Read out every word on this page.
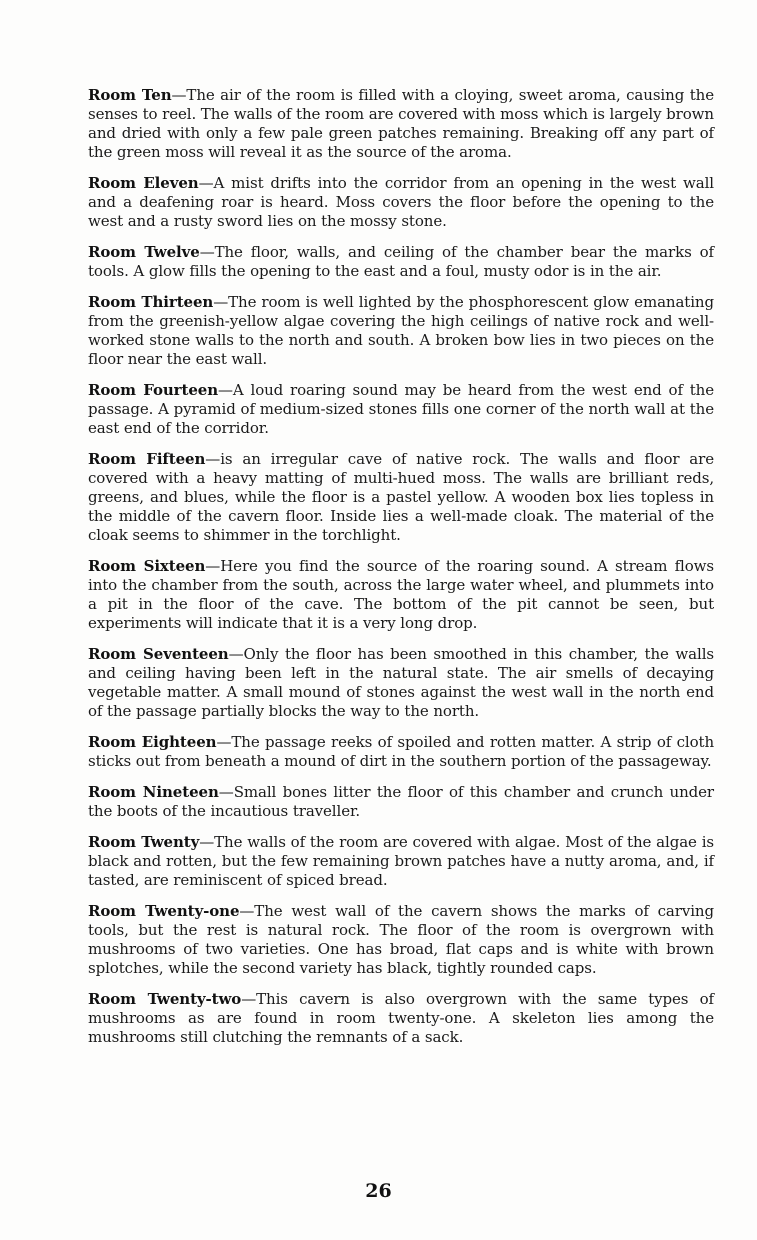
Room Ten—The air of the room is filled with a cloying, sweet aroma, causing the senses to reel. The walls of the room are covered with moss which is largely brown and dried with only a few pale green patches remaining. Breaking off any part of the green moss will reveal it as the source of the aroma.

Room Eleven—A mist drifts into the corridor from an opening in the west wall and a deafening roar is heard. Moss covers the floor before the opening to the west and a rusty sword lies on the mossy stone.

Room Twelve—The floor, walls, and ceiling of the chamber bear the marks of tools. A glow fills the opening to the east and a foul, musty odor is in the air.

Room Thirteen—The room is well lighted by the phosphorescent glow emanating from the greenish-yellow algae covering the high ceilings of native rock and well-worked stone walls to the north and south. A broken bow lies in two pieces on the floor near the east wall.

Room Fourteen—A loud roaring sound may be heard from the west end of the passage. A pyramid of medium-sized stones fills one corner of the north wall at the east end of the corridor.

Room Fifteen—is an irregular cave of native rock. The walls and floor are covered with a heavy matting of multi-hued moss. The walls are brilliant reds, greens, and blues, while the floor is a pastel yellow. A wooden box lies topless in the middle of the cavern floor. Inside lies a well-made cloak. The material of the cloak seems to shimmer in the torchlight.

Room Sixteen—Here you find the source of the roaring sound. A stream flows into the chamber from the south, across the large water wheel, and plummets into a pit in the floor of the cave. The bottom of the pit cannot be seen, but experiments will indicate that it is a very long drop.

Room Seventeen—Only the floor has been smoothed in this chamber, the walls and ceiling having been left in the natural state. The air smells of decaying vegetable matter. A small mound of stones against the west wall in the north end of the passage partially blocks the way to the north.

Room Eighteen—The passage reeks of spoiled and rotten matter. A strip of cloth sticks out from beneath a mound of dirt in the southern portion of the passageway.

Room Nineteen—Small bones litter the floor of this chamber and crunch under the boots of the incautious traveller.

Room Twenty—The walls of the room are covered with algae. Most of the algae is black and rotten, but the few remaining brown patches have a nutty aroma, and, if tasted, are reminiscent of spiced bread.

Room Twenty-one—The west wall of the cavern shows the marks of carving tools, but the rest is natural rock. The floor of the room is overgrown with mushrooms of two varieties. One has broad, flat caps and is white with brown splotches, while the second variety has black, tightly rounded caps.

Room Twenty-two—This cavern is also overgrown with the same types of mushrooms as are found in room twenty-one. A skeleton lies among the mushrooms still clutching the remnants of a sack.

26
